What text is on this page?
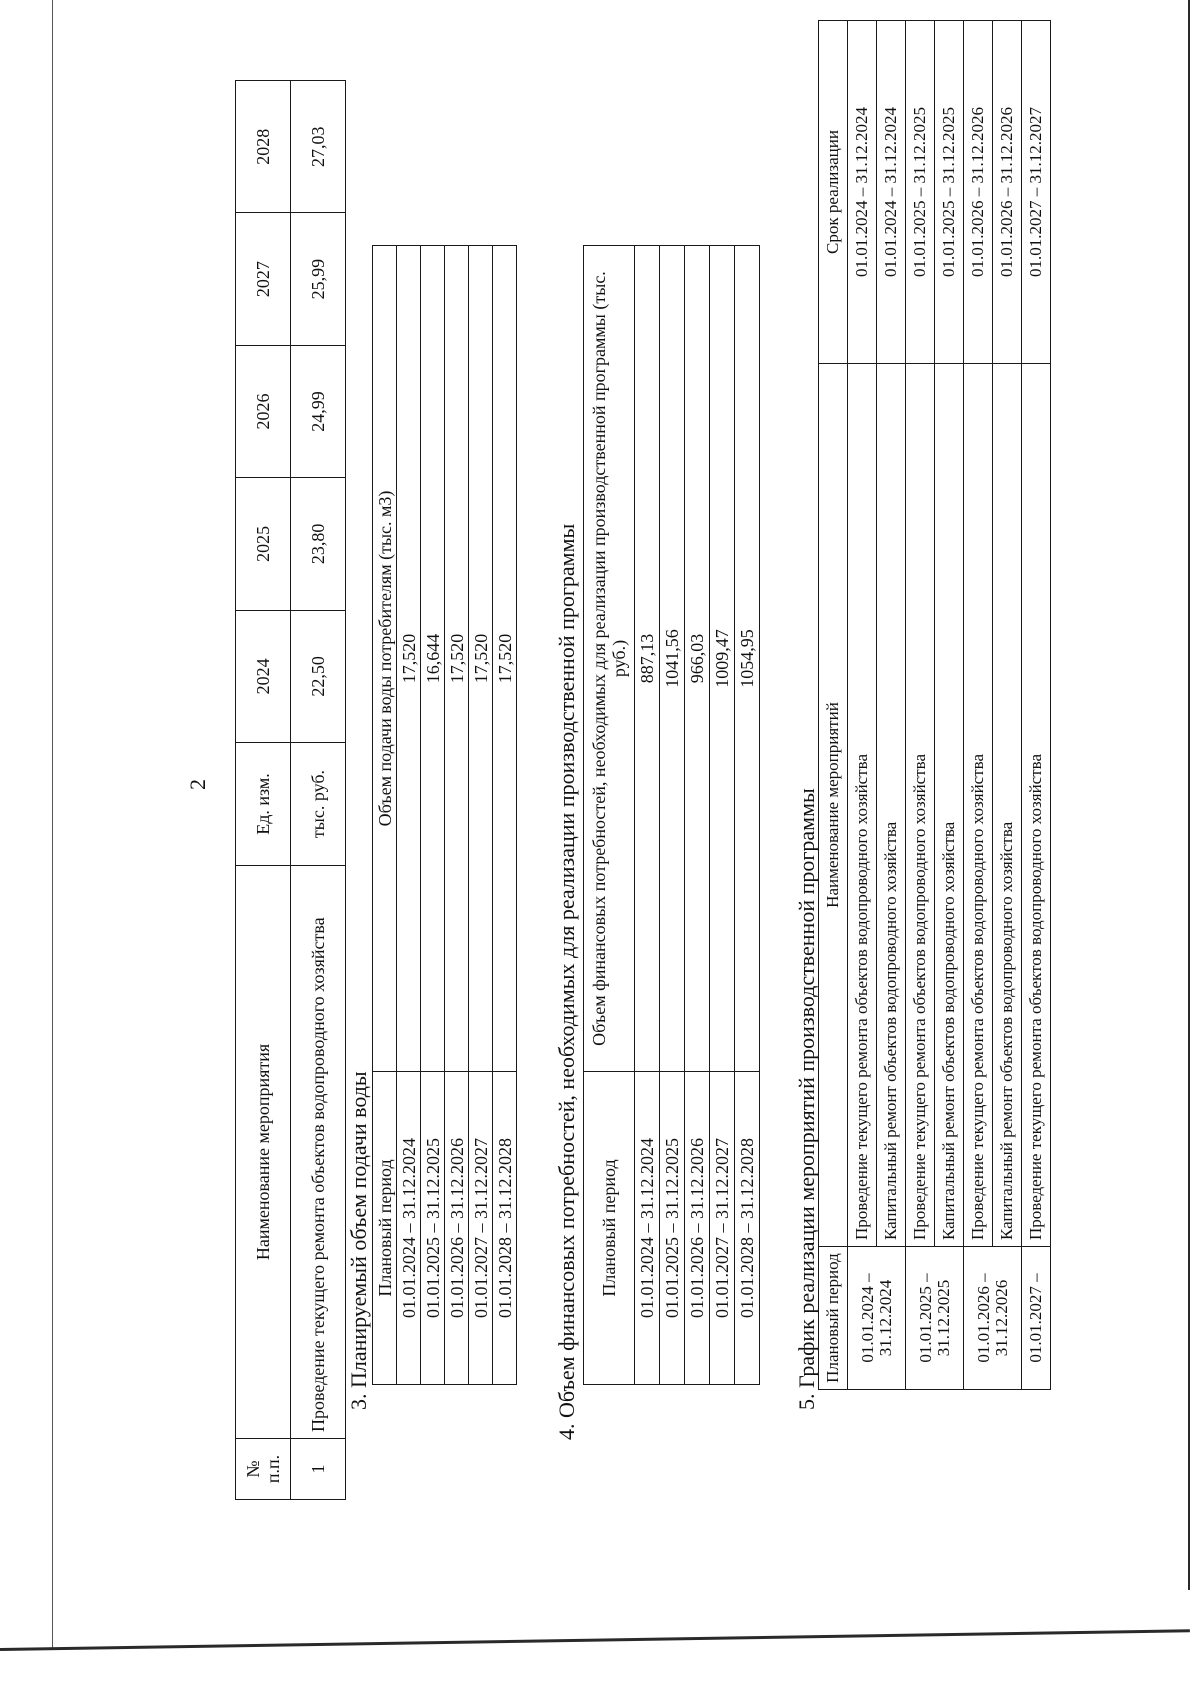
2
№ п.п.	Наименование мероприятия	Ед. изм.	2024	2025	2026	2027	2028
1	Проведение текущего ремонта объектов водопроводного хозяйства	тыс. руб.	22,50	23,80	24,99	25,99	27,03
3. Планируемый объем подачи воды Плановый период	Объем подачи воды потребителям (тыс. м3)
01.01.2024 – 31.12.2024	17,520
01.01.2025 – 31.12.2025	16,644
01.01.2026 – 31.12.2026	17,520
01.01.2027 – 31.12.2027	17,520
01.01.2028 – 31.12.2028	17,520 4. Объем финансовых потребностей, необходимых для реализации производственной программы Плановый период	Объем финансовых потребностей, необходимых для реализации производственной программы (тыс. руб.)
01.01.2024 – 31.12.2024	887,13
01.01.2025 – 31.12.2025	1041,56
01.01.2026 – 31.12.2026	966,03
01.01.2027 – 31.12.2027	1009,47
01.01.2028 – 31.12.2028	1054,95
5. График реализации мероприятий производственной программы Плановый период	Наименование мероприятий	Срок реализации
01.01.2024 – 31.12.2024	Проведение текущего ремонта объектов водопроводного хозяйства	01.01.2024 – 31.12.2024
	Капитальный ремонт объектов водопроводного хозяйства	01.01.2024 – 31.12.2024
01.01.2025 – 31.12.2025	Проведение текущего ремонта объектов водопроводного хозяйства	01.01.2025 – 31.12.2025
	Капитальный ремонт объектов водопроводного хозяйства	01.01.2025 – 31.12.2025
01.01.2026 – 31.12.2026	Проведение текущего ремонта объектов водопроводного хозяйства	01.01.2026 – 31.12.2026
	Капитальный ремонт объектов водопроводного хозяйства	01.01.2026 – 31.12.2026
01.01.2027 –	Проведение текущего ремонта объектов водопроводного хозяйства	01.01.2027 – 31.12.2027
